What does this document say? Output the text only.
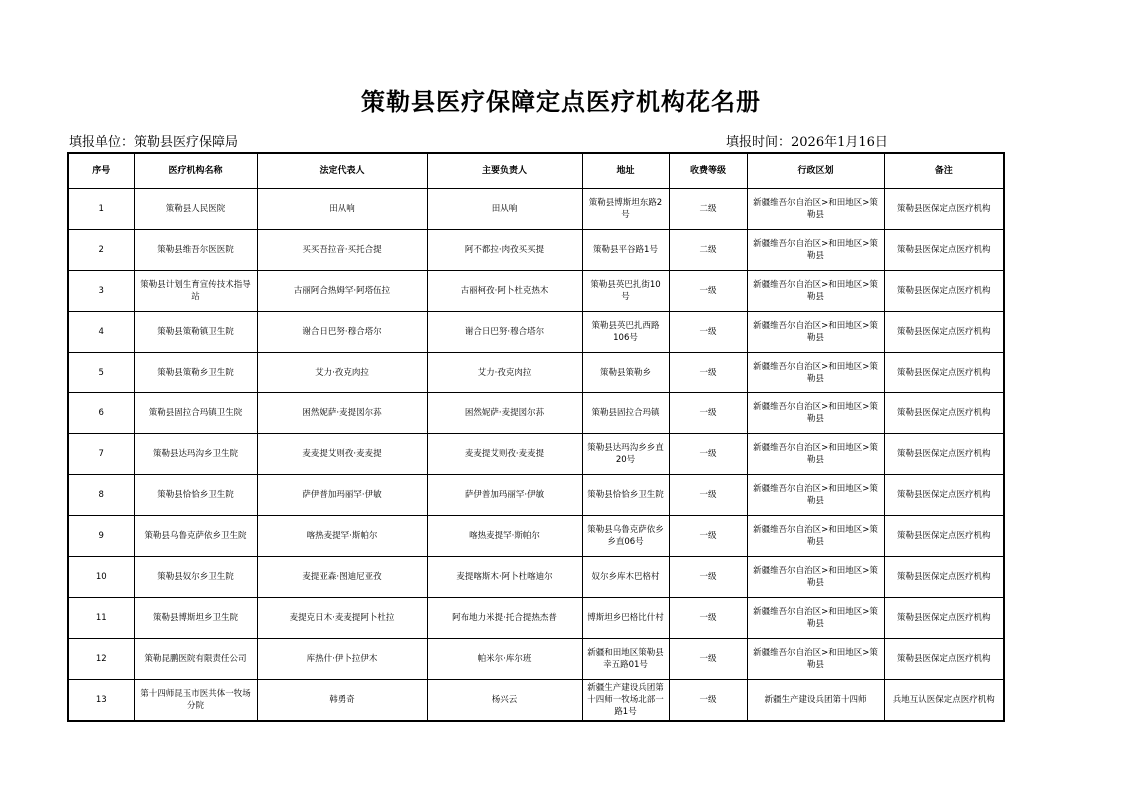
策勒县医疗保障定点医疗机构花名册
填报单位：策勒县医疗保障局	填报时间：2026年1月16日
序号	医疗机构名称	法定代表人	主要负责人	地址	收费等级	行政区划	备注
1	策勒县人民医院	田从响	田从响	策勒县博斯坦东路2号	二级	新疆维吾尔自治区>和田地区>策勒县	策勒县医保定点医疗机构
2	策勒县维吾尔医医院	买买吾拉音·买托合提	阿不都拉·肉孜买买提	策勒县平谷路1号	二级	新疆维吾尔自治区>和田地区>策勒县	策勒县医保定点医疗机构
3	策勒县计划生育宣传技术指导站	古丽阿合热姆罕·阿塔伍拉	古丽柯孜·阿卜杜克热木	策勒县英巴扎街10号	一级	新疆维吾尔自治区>和田地区>策勒县	策勒县医保定点医疗机构
4	策勒县策勒镇卫生院	谢合日巴努·穆合塔尔	谢合日巴努·穆合塔尔	策勒县英巴扎西路106号	一级	新疆维吾尔自治区>和田地区>策勒县	策勒县医保定点医疗机构
5	策勒县策勒乡卫生院	艾力·孜克肉拉	艾力·孜克肉拉	策勒县策勒乡	一级	新疆维吾尔自治区>和田地区>策勒县	策勒县医保定点医疗机构
6	策勒县固拉合玛镇卫生院	困然妮萨·麦提図尔荪	困然妮萨·麦提図尔荪	策勒县固拉合玛镇	一级	新疆维吾尔自治区>和田地区>策勒县	策勒县医保定点医疗机构
7	策勒县达玛沟乡卫生院	麦麦提艾则孜·麦麦提	麦麦提艾则孜·麦麦提	策勒县达玛沟乡乡直20号	一级	新疆维吾尔自治区>和田地区>策勒县	策勒县医保定点医疗机构
8	策勒县恰恰乡卫生院	萨伊普加玛丽罕·伊敏	萨伊普加玛丽罕·伊敏	策勒县恰恰乡卫生院	一级	新疆维吾尔自治区>和田地区>策勒县	策勒县医保定点医疗机构
9	策勒县乌鲁克萨依乡卫生院	喀热麦提罕·斯帕尔	喀热麦提罕·斯帕尔	策勒县乌鲁克萨依乡乡直06号	一级	新疆维吾尔自治区>和田地区>策勒县	策勒县医保定点医疗机构
10	策勒县奴尔乡卫生院	麦提亚森·图迪尼亚孜	麦提喀斯木·阿卜杜喀迪尔	奴尔乡库木巴格村	一级	新疆维吾尔自治区>和田地区>策勒县	策勒县医保定点医疗机构
11	策勒县博斯坦乡卫生院	麦提克日木·麦麦提阿卜杜拉	阿布地力米提·托合提热杰普	博斯坦乡巴格比什村	一级	新疆维吾尔自治区>和田地区>策勒县	策勒县医保定点医疗机构
12	策勒昆鹏医院有限责任公司	库热什·伊卜拉伊木	帕米尔·库尔班	新疆和田地区策勒县幸五路01号	一级	新疆维吾尔自治区>和田地区>策勒县	策勒县医保定点医疗机构
13	第十四师昆玉市医共体一牧场分院	韩勇奇	杨兴云	新疆生产建设兵团第十四师一牧场北部一路1号	一级	新疆生产建设兵团第十四师	兵地互认医保定点医疗机构
